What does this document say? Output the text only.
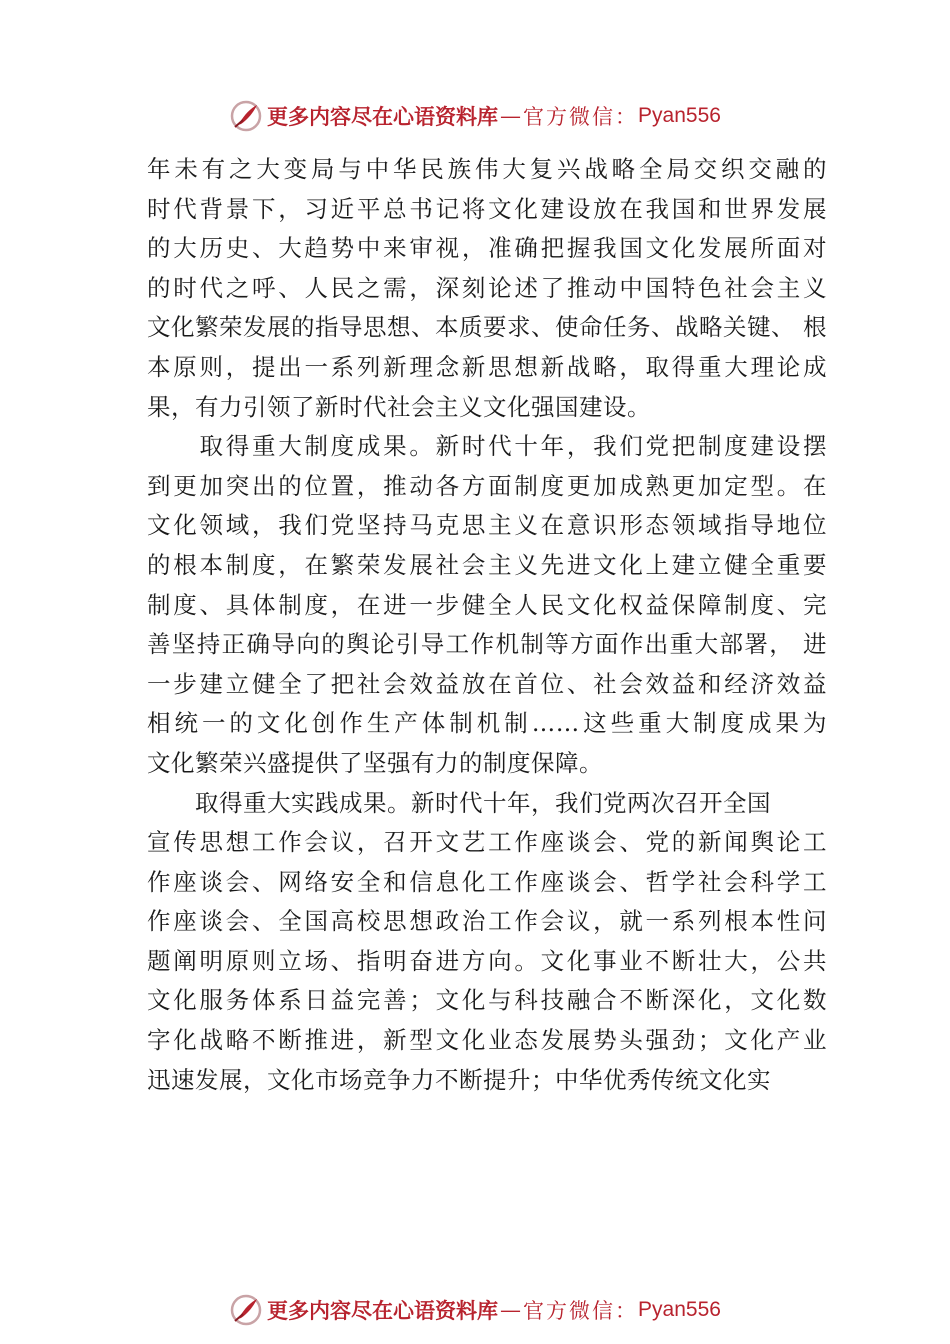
更多内容尽在心语资料库 — 官方微信： Pyan556
年未有之大变局与中华民族伟大复兴战略全局交织交融的
时代背景下，习近平总书记将文化建设放在我国和世界发展
的大历史、大趋势中来审视，准确把握我国文化发展所面对
的时代之呼、人民之需，深刻论述了推动中国特色社会主义
文化繁荣发展的指导思想、本质要求、使命任务、战略关键、 根
本原则，提出一系列新理念新思想新战略，取得重大理论成
果，有力引领了新时代社会主义文化强国建设。
　　取得重大制度成果。新时代十年，我们党把制度建设摆
到更加突出的位置，推动各方面制度更加成熟更加定型。在
文化领域，我们党坚持马克思主义在意识形态领域指导地位
的根本制度，在繁荣发展社会主义先进文化上建立健全重要
制度、具体制度，在进一步健全人民文化权益保障制度、完
善坚持正确导向的舆论引导工作机制等方面作出重大部署， 进
一步建立健全了把社会效益放在首位、社会效益和经济效益
相统一的文化创作生产体制机制……这些重大制度成果为
文化繁荣兴盛提供了坚强有力的制度保障。
　　取得重大实践成果。新时代十年，我们党两次召开全国
宣传思想工作会议，召开文艺工作座谈会、党的新闻舆论工
作座谈会、网络安全和信息化工作座谈会、哲学社会科学工
作座谈会、全国高校思想政治工作会议，就一系列根本性问
题阐明原则立场、指明奋进方向。文化事业不断壮大，公共
文化服务体系日益完善；文化与科技融合不断深化，文化数
字化战略不断推进，新型文化业态发展势头强劲；文化产业
迅速发展，文化市场竞争力不断提升；中华优秀传统文化实
更多内容尽在心语资料库 — 官方微信： Pyan556
